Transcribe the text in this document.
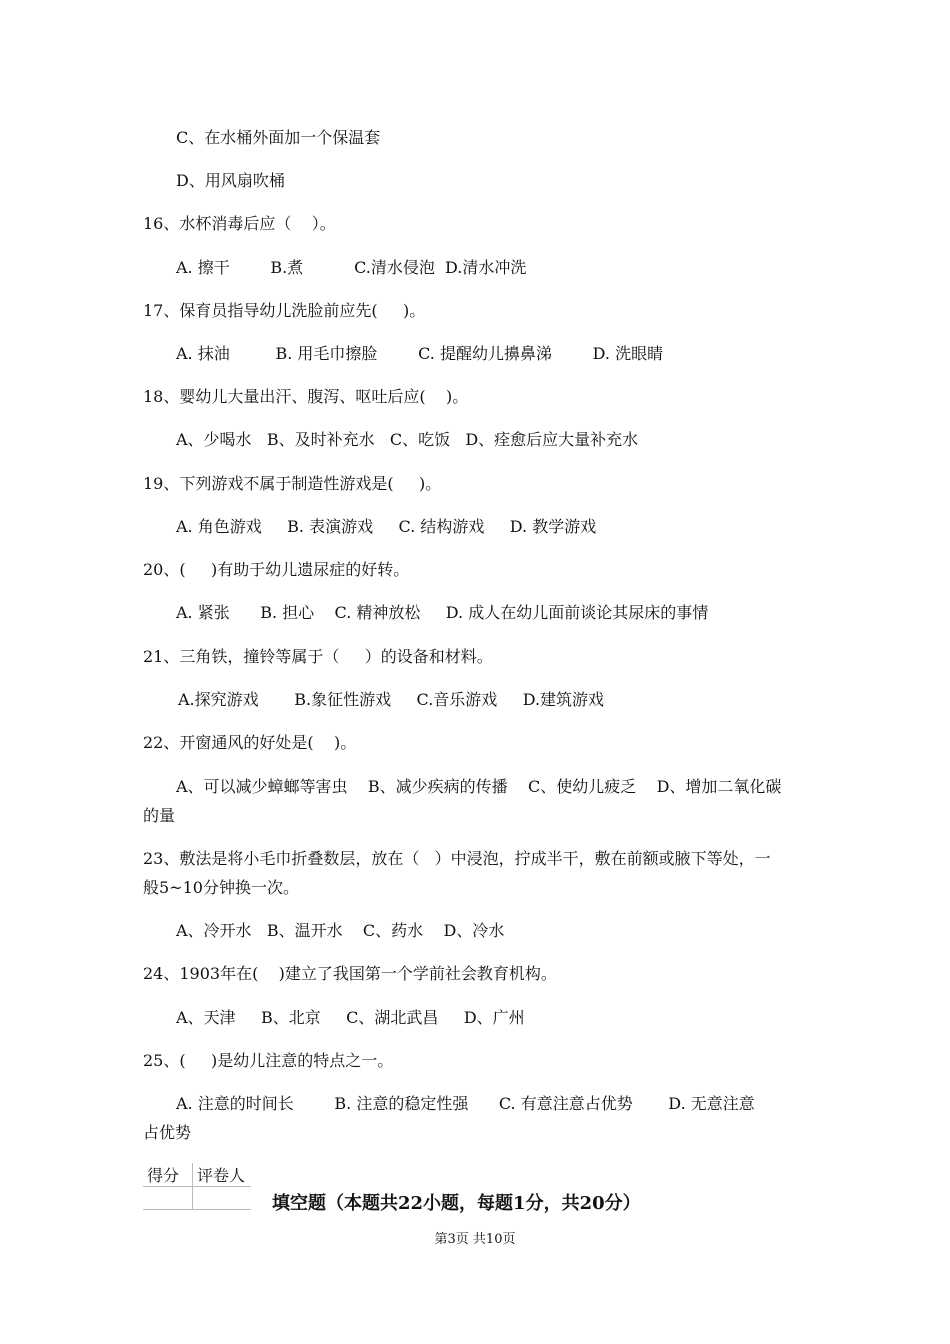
C、在水桶外面加一个保温套
D、用风扇吹桶
16、水杯消毒后应（    ）。
A. 擦干        B.煮          C.清水侵泡  D.清水冲洗
17、保育员指导幼儿洗脸前应先(     )。
A. 抹油         B. 用毛巾擦脸        C. 提醒幼儿擤鼻涕        D. 洗眼睛
18、婴幼儿大量出汗、腹泻、呕吐后应(    )。
A、少喝水   B、及时补充水   C、吃饭   D、痊愈后应大量补充水
19、下列游戏不属于制造性游戏是(     )。
A. 角色游戏     B. 表演游戏     C. 结构游戏     D. 教学游戏
20、(     )有助于幼儿遗尿症的好转。
A. 紧张      B. 担心    C. 精神放松     D. 成人在幼儿面前谈论其尿床的事情
21、三角铁，撞铃等属于（     ）的设备和材料。
A.探究游戏       B.象征性游戏     C.音乐游戏     D.建筑游戏
22、开窗通风的好处是(    )。
A、可以减少蟑螂等害虫    B、减少疾病的传播    C、使幼儿疲乏    D、增加二氧化碳
的量
23、敷法是将小毛巾折叠数层，放在（   ）中浸泡，拧成半干，敷在前额或腋下等处，一
般5~10分钟换一次。
A、冷开水   B、温开水    C、药水    D、冷水
24、1903年在(    )建立了我国第一个学前社会教育机构。
A、天津     B、北京     C、湖北武昌     D、广州
25、(     )是幼儿注意的特点之一。
A. 注意的时间长        B. 注意的稳定性强      C. 有意注意占优势       D. 无意注意
占优势
得分	评卷人

填空题（本题共22小题，每题1分，共20分）
第3页 共10页
